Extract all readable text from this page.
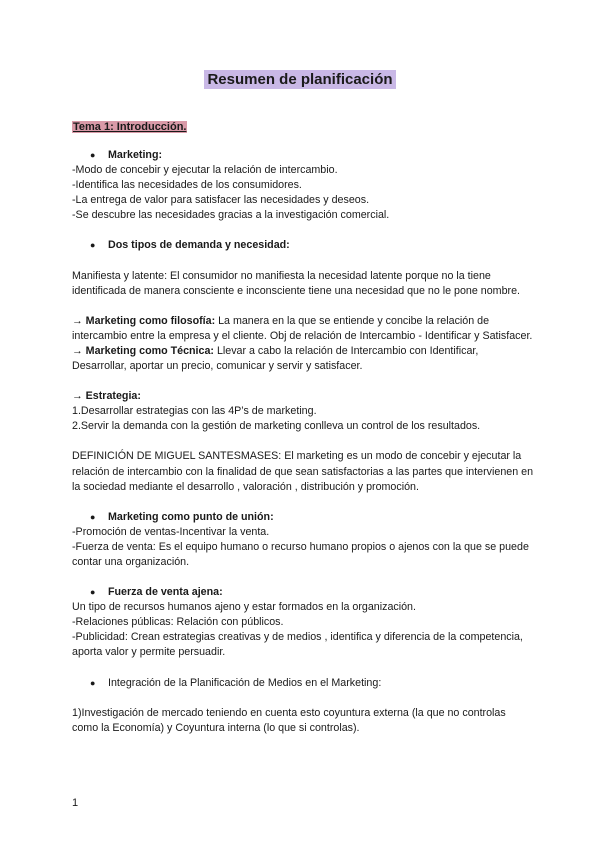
Resumen de planificación
Tema 1: Introducción.
●	Marketing:

-Modo de concebir y ejecutar la relación de intercambio.

-Identifica las necesidades de los consumidores.

-La entrega de valor para satisfacer las necesidades y deseos.

-Se descubre las necesidades gracias a la investigación comercial.

●	Dos tipos de demanda y necesidad:

Manifiesta y latente: El consumidor no manifiesta la necesidad latente porque no la tiene identificada de manera consciente e inconsciente tiene una necesidad que no le pone nombre.

→ Marketing como filosofía: La manera en la que se entiende y concibe la relación de intercambio entre la empresa y el cliente. Obj de relación de Intercambio - Identificar y Satisfacer.

→ Marketing como Técnica: Llevar a cabo la relación de Intercambio con Identificar, Desarrollar, aportar un precio, comunicar y servir y satisfacer.

→ Estrategia:

1.Desarrollar estrategias con las 4P’s de marketing.

2.Servir la demanda con la gestión de marketing conlleva un control de los resultados.

DEFINICIÓN DE MIGUEL SANTESMASES: El marketing es un modo de concebir y ejecutar la relación de intercambio con la finalidad de que sean satisfactorias a las partes que intervienen en la sociedad mediante el desarrollo , valoración , distribución y promoción.

●	Marketing como punto de unión:

-Promoción de ventas-Incentivar la venta.

-Fuerza de venta: Es el equipo humano o recurso humano propios o ajenos con la que se puede contar una organización.

●	Fuerza de venta ajena:

Un tipo de recursos humanos ajeno y estar formados en la organización.

-Relaciones públicas: Relación con públicos.

-Publicidad: Crean estrategias creativas y de medios , identifica y diferencia de la competencia, aporta valor y permite persuadir.

●	Integración de la Planificación de Medios en el Marketing:

1)Investigación de mercado teniendo en cuenta esto coyuntura externa (la que no controlas como la Economía) y Coyuntura interna (lo que si controlas).

1
